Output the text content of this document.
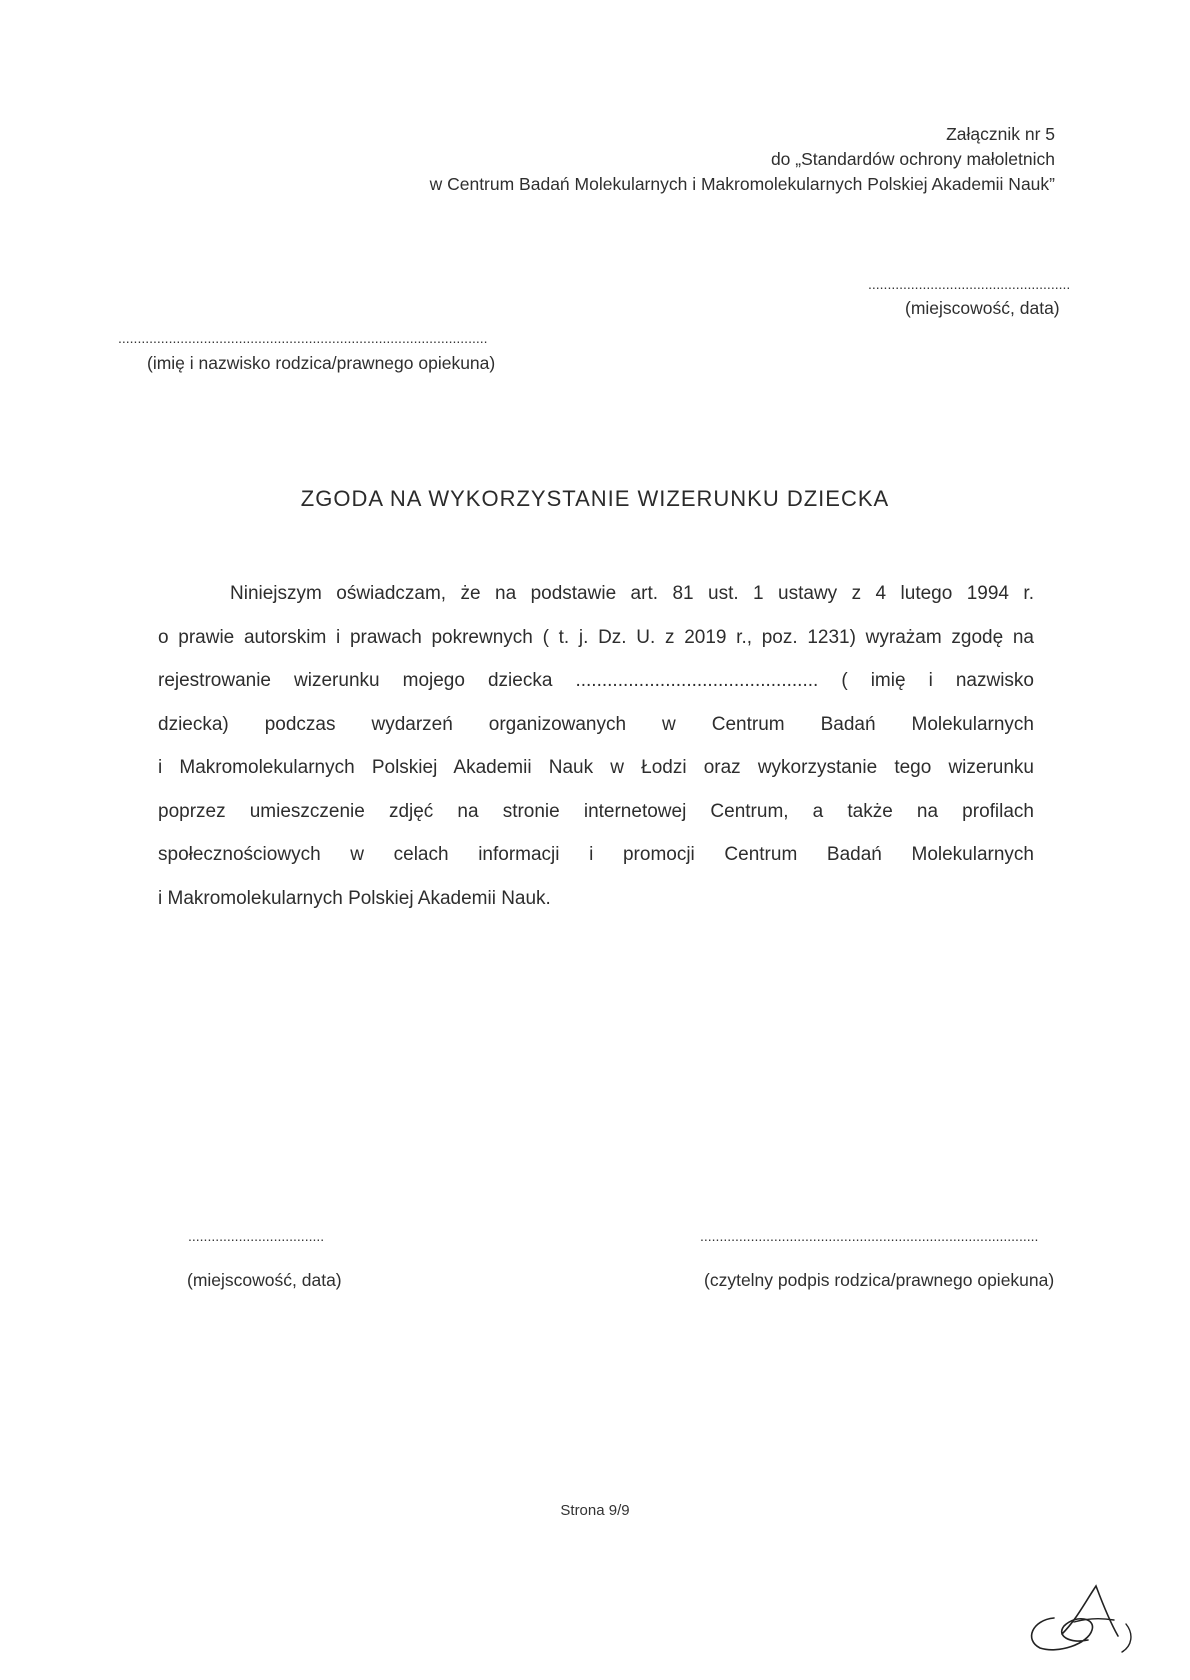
Załącznik nr 5
do „Standardów ochrony małoletnich
w Centrum Badań Molekularnych i Makromolekularnych Polskiej Akademii Nauk”
....................................................
(miejscowość, data)
...............................................................................................
(imię i nazwisko rodzica/prawnego opiekuna)
ZGODA NA WYKORZYSTANIE WIZERUNKU DZIECKA
Niniejszym oświadczam, że na podstawie art. 81 ust. 1 ustawy z 4 lutego 1994 r.
o prawie autorskim i prawach pokrewnych ( t. j. Dz. U. z 2019 r., poz. 1231) wyrażam zgodę na
rejestrowanie wizerunku mojego dziecka .............................................. ( imię i nazwisko
dziecka) podczas wydarzeń organizowanych w Centrum Badań Molekularnych
i Makromolekularnych Polskiej Akademii Nauk w Łodzi oraz wykorzystanie tego wizerunku
poprzez umieszczenie zdjęć na stronie internetowej Centrum, a także na profilach
społecznościowych w celach informacji i promocji Centrum Badań Molekularnych
i Makromolekularnych Polskiej Akademii Nauk.
...................................
(miejscowość, data)
.......................................................................................
(czytelny podpis rodzica/prawnego opiekuna)
Strona 9/9
